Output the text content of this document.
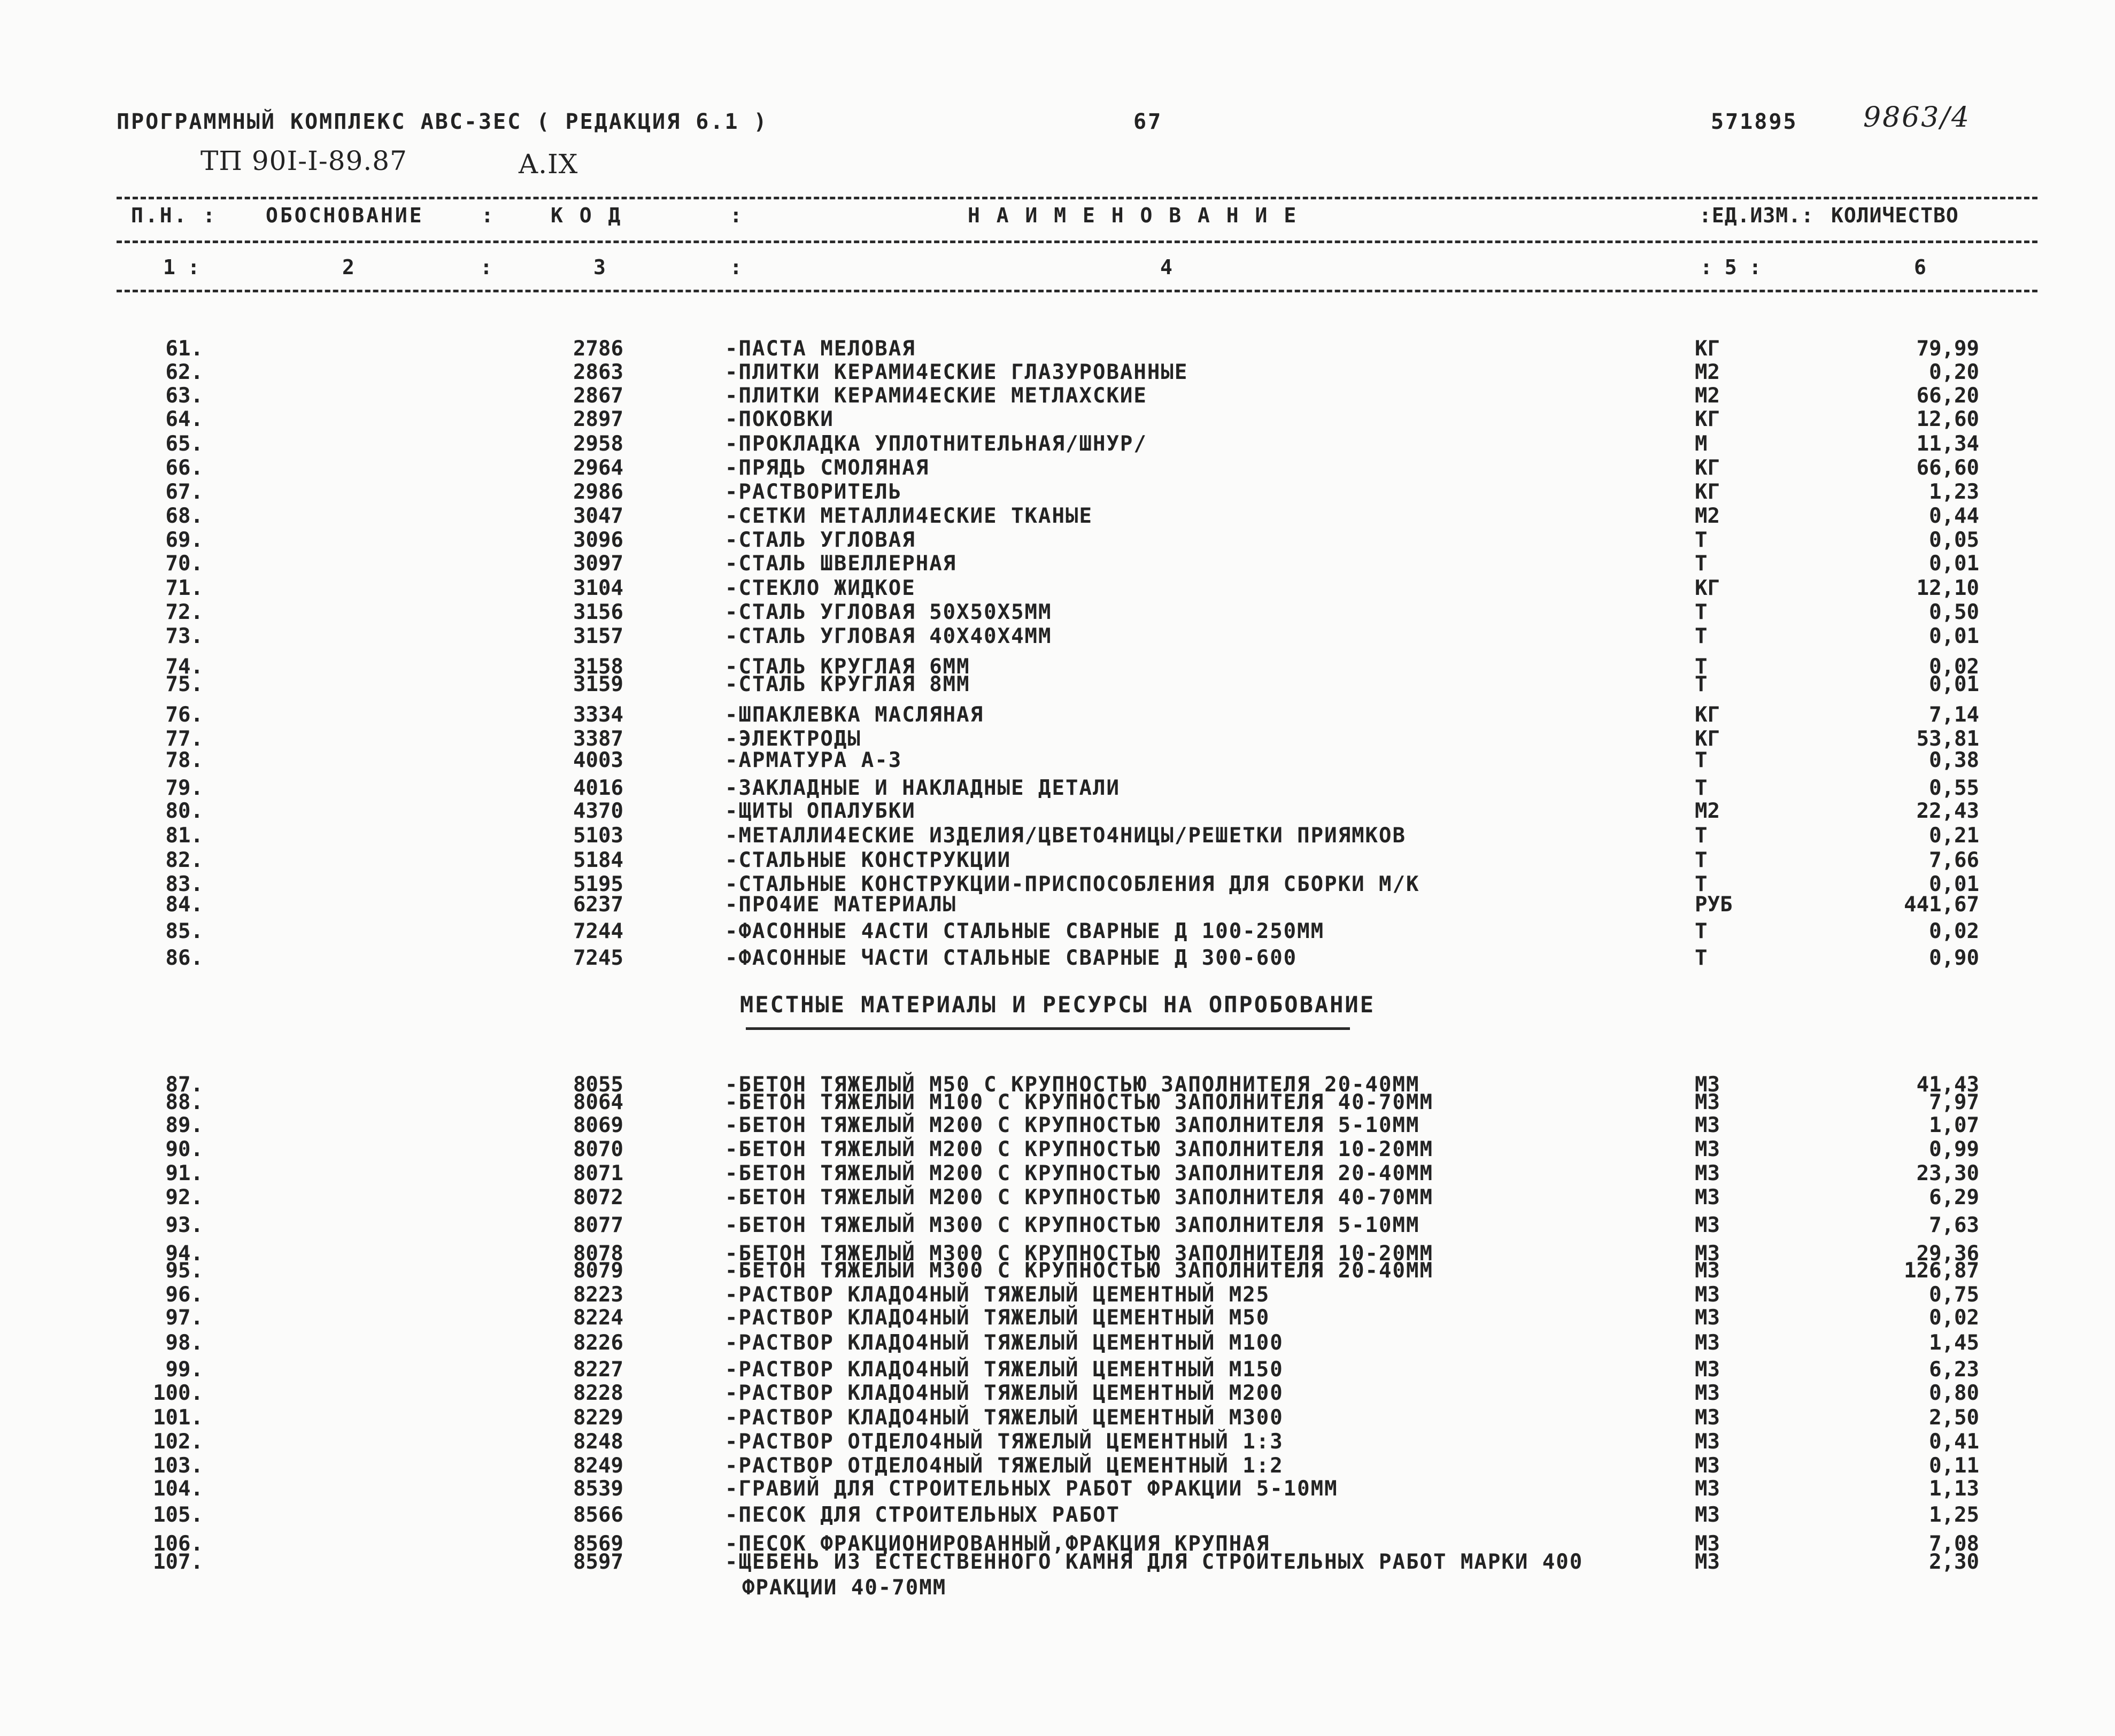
ПРОГРАММНЫЙ КОМПЛЕКС АВС-3ЕС ( РЕДАКЦИЯ 6.1 )	67	571895 9863/4
ТП 90I-I-89.87	A.IX
П.Н. : ОБОСНОВАНИЕ	:	К О Д	:	Н А И М Е Н О В А Н И Е	:ЕД.ИЗМ.: КОЛИЧЕСТВО
1 :	2	:	3	:	4	: 5 :	6
МЕСТНЫЕ МАТЕРИАЛЫ И РЕСУРСЫ НА ОПРОБОВАНИЕ
61.	2786	-ПАСТА МЕЛОВАЯ	КГ	79,99
62.	2863	-ПЛИТКИ КЕРАМИ4ЕСКИЕ ГЛАЗУРОВАННЫЕ	М2	0,20
63.	2867	-ПЛИТКИ КЕРАМИ4ЕСКИЕ МЕТЛАХСКИЕ	М2	66,20
64.	2897	-ПОКОВКИ	КГ	12,60
65.	2958	-ПРОКЛАДКА УПЛОТНИТЕЛЬНАЯ/ШНУР/	М	11,34
66.	2964	-ПРЯДЬ СМОЛЯНАЯ	КГ	66,60
67.	2986	-РАСТВОРИТЕЛЬ	КГ	1,23
68.	3047	-СЕТКИ МЕТАЛЛИ4ЕСКИЕ ТКАНЫЕ	М2	0,44
69.	3096	-СТАЛЬ УГЛОВАЯ	Т	0,05
70.	3097	-СТАЛЬ ШВЕЛЛЕРНАЯ	Т	0,01
71.	3104	-СТЕКЛО ЖИДКОЕ	КГ	12,10
72.	3156	-СТАЛЬ УГЛОВАЯ 50Х50Х5ММ	Т	0,50
73.	3157	-СТАЛЬ УГЛОВАЯ 40Х40Х4ММ	Т	0,01
74.	3158	-СТАЛЬ КРУГЛАЯ 6ММ	Т	0,02
75.	3159	-СТАЛЬ КРУГЛАЯ 8ММ	Т	0,01
76.	3334	-ШПАКЛЕВКА МАСЛЯНАЯ	КГ	7,14
77.	3387	-ЭЛЕКТРОДЫ	КГ	53,81
78.	4003	-АРМАТУРА А-3	Т	0,38
79.	4016	-ЗАКЛАДНЫЕ И НАКЛАДНЫЕ ДЕТАЛИ	Т	0,55
80.	4370	-ЩИТЫ ОПАЛУБКИ	М2	22,43
81.	5103	-МЕТАЛЛИ4ЕСКИЕ ИЗДЕЛИЯ/ЦВЕТО4НИЦЫ/РЕШЕТКИ ПРИЯМКОВ	Т	0,21
82.	5184	-СТАЛЬНЫЕ КОНСТРУКЦИИ	Т	7,66
83.	5195	-СТАЛЬНЫЕ КОНСТРУКЦИИ-ПРИСПОСОБЛЕНИЯ ДЛЯ СБОРКИ М/К	Т	0,01
84.	6237	-ПРО4ИЕ МАТЕРИАЛЫ	РУБ	441,67
85.	7244	-ФАСОННЫЕ 4АСТИ СТАЛЬНЫЕ СВАРНЫЕ Д 100-250ММ	Т	0,02
86.	7245	-ФАСОННЫЕ ЧАСТИ СТАЛЬНЫЕ СВАРНЫЕ Д 300-600	Т	0,90
87.	8055	-БЕТОН ТЯЖЕЛЫЙ М50 С КРУПНОСТЬЮ ЗАПОЛНИТЕЛЯ 20-40ММ	М3	41,43
88.	8064	-БЕТОН ТЯЖЕЛЫЙ М100 С КРУПНОСТЬЮ ЗАПОЛНИТЕЛЯ 40-70ММ	М3	7,97
89.	8069	-БЕТОН ТЯЖЕЛЫЙ М200 С КРУПНОСТЬЮ ЗАПОЛНИТЕЛЯ 5-10ММ	М3	1,07
90.	8070	-БЕТОН ТЯЖЕЛЫЙ М200 С КРУПНОСТЬЮ ЗАПОЛНИТЕЛЯ 10-20ММ	М3	0,99
91.	8071	-БЕТОН ТЯЖЕЛЫЙ М200 С КРУПНОСТЬЮ ЗАПОЛНИТЕЛЯ 20-40ММ	М3	23,30
92.	8072	-БЕТОН ТЯЖЕЛЫЙ М200 С КРУПНОСТЬЮ ЗАПОЛНИТЕЛЯ 40-70ММ	М3	6,29
93.	8077	-БЕТОН ТЯЖЕЛЫЙ М300 С КРУПНОСТЬЮ ЗАПОЛНИТЕЛЯ 5-10ММ	М3	7,63
94.	8078	-БЕТОН ТЯЖЕЛЫЙ М300 С КРУПНОСТЬЮ ЗАПОЛНИТЕЛЯ 10-20ММ	М3	29,36
95.	8079	-БЕТОН ТЯЖЕЛЫЙ М300 С КРУПНОСТЬЮ ЗАПОЛНИТЕЛЯ 20-40ММ	М3	126,87
96.	8223	-РАСТВОР КЛАДО4НЫЙ ТЯЖЕЛЫЙ ЦЕМЕНТНЫЙ М25	М3	0,75
97.	8224	-РАСТВОР КЛАДО4НЫЙ ТЯЖЕЛЫЙ ЦЕМЕНТНЫЙ М50	М3	0,02
98.	8226	-РАСТВОР КЛАДО4НЫЙ ТЯЖЕЛЫЙ ЦЕМЕНТНЫЙ М100	М3	1,45
99.	8227	-РАСТВОР КЛАДО4НЫЙ ТЯЖЕЛЫЙ ЦЕМЕНТНЫЙ М150	М3	6,23
100.	8228	-РАСТВОР КЛАДО4НЫЙ ТЯЖЕЛЫЙ ЦЕМЕНТНЫЙ М200	М3	0,80
101.	8229	-РАСТВОР КЛАДО4НЫЙ ТЯЖЕЛЫЙ ЦЕМЕНТНЫЙ М300	М3	2,50
102.	8248	-РАСТВОР ОТДЕЛО4НЫЙ ТЯЖЕЛЫЙ ЦЕМЕНТНЫЙ 1:3	М3	0,41
103.	8249	-РАСТВОР ОТДЕЛО4НЫЙ ТЯЖЕЛЫЙ ЦЕМЕНТНЫЙ 1:2	М3	0,11
104.	8539	-ГРАВИЙ ДЛЯ СТРОИТЕЛЬНЫХ РАБОТ ФРАКЦИИ 5-10ММ	М3	1,13
105.	8566	-ПЕСОК ДЛЯ СТРОИТЕЛЬНЫХ РАБОТ	М3	1,25
106.	8569	-ПЕСОК ФРАКЦИОНИРОВАННЫЙ,ФРАКЦИЯ КРУПНАЯ	М3	7,08
107.	8597	-ЩЕБЕНЬ ИЗ ЕСТЕСТВЕННОГО КАМНЯ ДЛЯ СТРОИТЕЛЬНЫХ РАБОТ МАРКИ 400	М3	2,30
ФРАКЦИИ 40-70ММ
